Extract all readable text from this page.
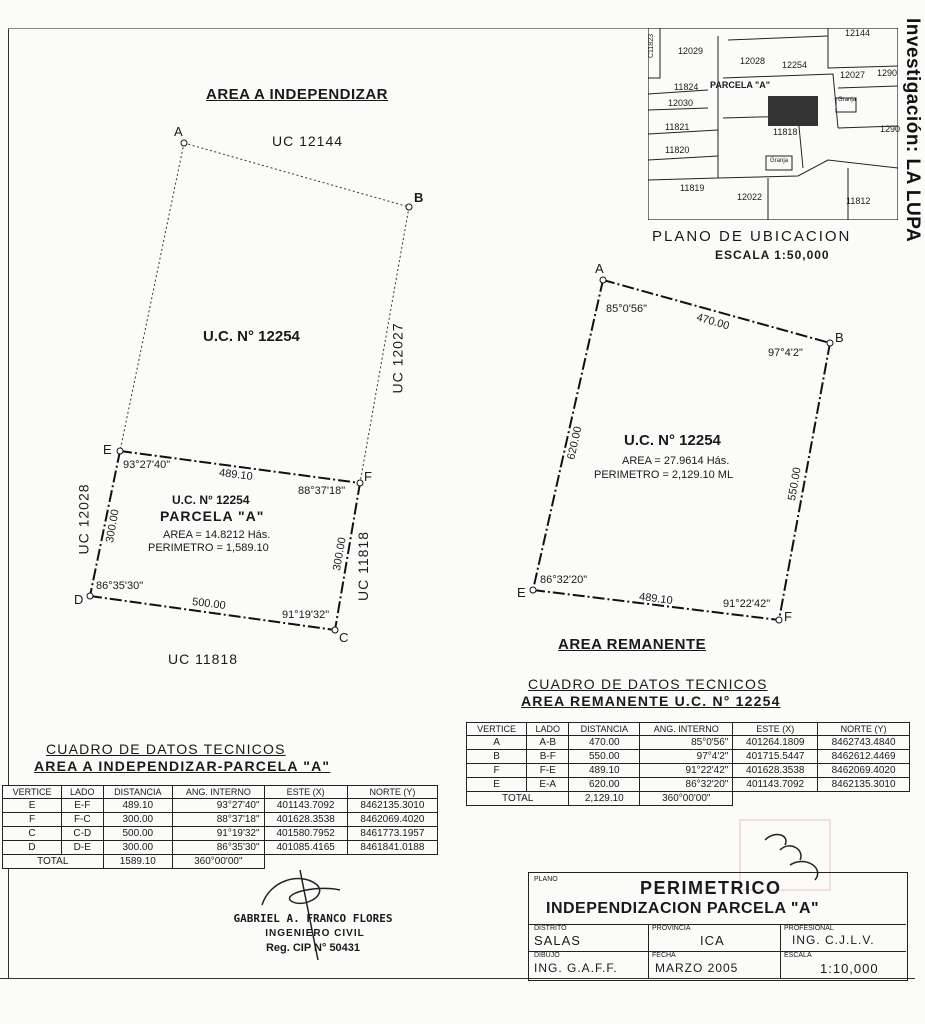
Investigación: LA LUPA
12144
12029
12028 12254
12027 1290
11824 PARCELA "A"
12030	Granja
11821	11818	1290
11820
Granja
11819
12022	11812
C11823
PLANO DE UBICACION
ESCALA 1:50,000
AREA A INDEPENDIZAR
A
B
E
F
D
C
93°27'40"
88°37'18"
86°35'30"
91°19'32"
489.10
300.00
300.00
500.00
UC 12144
UC 12027
UC 12028
UC 11818
UC 11818
U.C. N° 12254
U.C. N° 12254
PARCELA "A"
AREA = 14.8212 Hás.
PERIMETRO = 1,589.10
A
B
E
F
85°0'56"
97°4'2"
86°32'20"
91°22'42"
470.00
620.00
550.00
489.10
U.C. N° 12254
AREA = 27.9614 Hás.
PERIMETRO = 2,129.10 ML
AREA REMANENTE
CUADRO DE DATOS TECNICOS
AREA REMANENTE U.C. N° 12254
VERTICE	LADO	DISTANCIA	ANG. INTERNO	ESTE (X)	NORTE (Y)
A	A-B	470.00	85°0'56"	401264.1809	8462743.4840
B	B-F	550.00	97°4'2"	401715.5447	8462612.4469
F	F-E	489.10	91°22'42"	401628.3538	8462069.4020
E	E-A	620.00	86°32'20"	401143.7092	8462135.3010
TOTAL		2,129.10	360°00'00"		
CUADRO DE DATOS TECNICOS
AREA A INDEPENDIZAR-PARCELA "A"
VERTICE	LADO	DISTANCIA	ANG. INTERNO	ESTE (X)	NORTE (Y)
E	E-F	489.10	93°27'40"	401143.7092	8462135.3010
F	F-C	300.00	88°37'18"	401628.3538	8462069.4020
C	C-D	500.00	91°19'32"	401580.7952	8461773.1957
D	D-E	300.00	86°35'30"	401085.4165	8461841.0188
TOTAL		1589.10	360°00'00"		
GABRIEL A. FRANCO FLORES
INGENIERO CIVIL
Reg. CIP N° 50431
PLANO	PERIMETRICO
INDEPENDIZACION PARCELA "A"
DISTRITO
SALAS
PROVINCIA
ICA
PROFESIONAL
ING. C.J.L.V.
DIBUJO
ING. G.A.F.F.
FECHA
MARZO 2005
ESCALA
1:10,000
